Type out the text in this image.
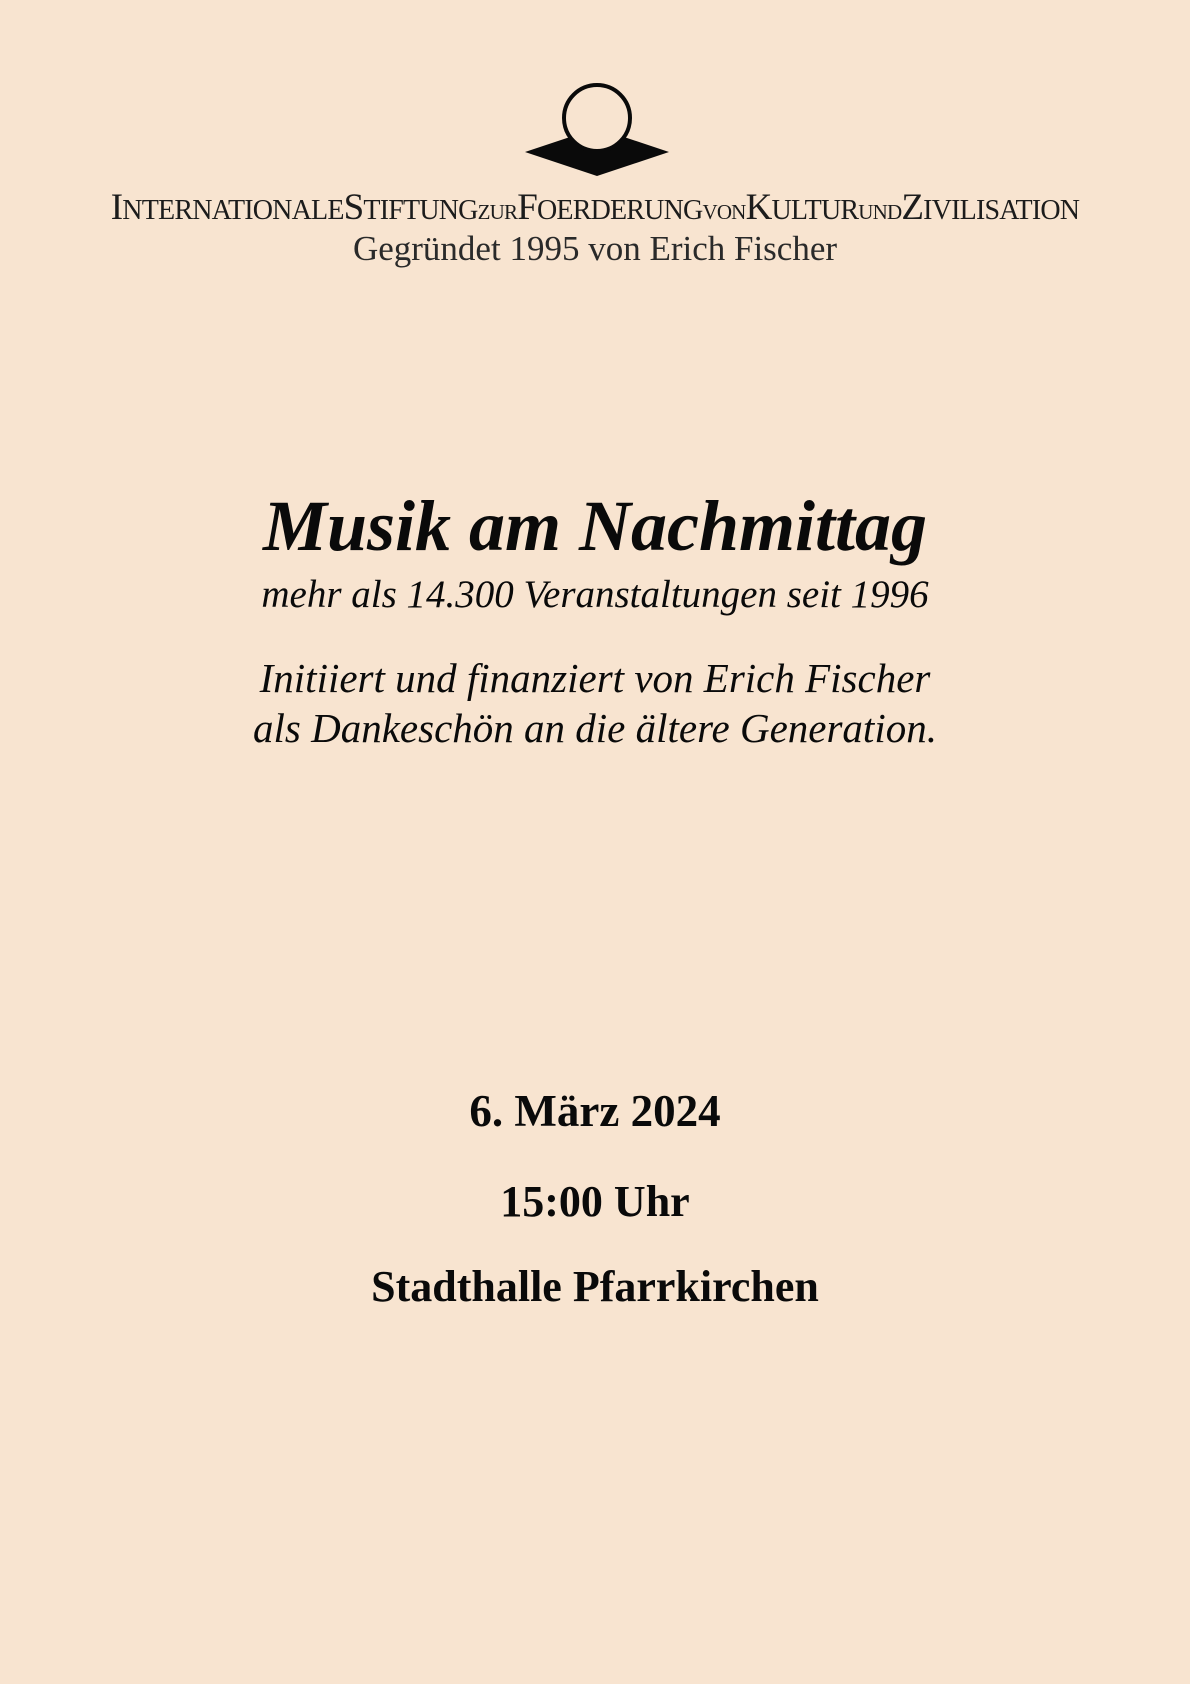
INTERNATIONALESTIFTUNGZURFOERDERUNGVONKULTURUNDZIVILISATION
Gegründet 1995 von Erich Fischer
Musik am Nachmittag
mehr als 14.300 Veranstaltungen seit 1996
Initiiert und finanziert von Erich Fischer
als Dankeschön an die ältere Generation.
6. März 2024
15:00 Uhr
Stadthalle Pfarrkirchen
